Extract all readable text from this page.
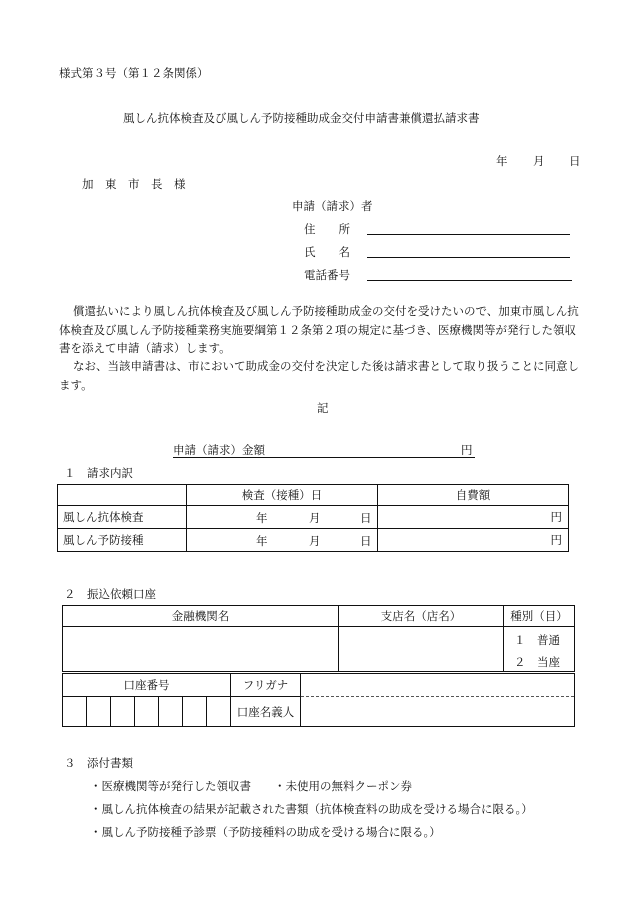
様式第３号（第１２条関係）
風しん抗体検査及び風しん予防接種助成金交付申請書兼償還払請求書
年 月 日
加　東　市　長　様
申請（請求）者
住　　所
氏　　名
電話番号
償還払いにより風しん抗体検査及び風しん予防接種助成金の交付を受けたいので、加東市風しん抗体検査及び風しん予防接種業務実施要綱第１２条第２項の規定に基づき、医療機関等が発行した領収書を添えて申請（請求）します。
なお、当該申請書は、市において助成金の交付を決定した後は請求書として取り扱うことに同意します。
記
申請（請求）金額	円
１　請求内訳
	検査（接種）日	自費額
風しん抗体検査	年 月 日	円
風しん予防接種	年 月 日	円
２　振込依頼口座
金融機関名	支店名（店名）	種別（目）

		１　普通
２　当座
口座番号							フリガナ	
							口座名義人	
３　添付書類
・医療機関等が発行した領収書　　・未使用の無料クーポン券
・風しん抗体検査の結果が記載された書類（抗体検査料の助成を受ける場合に限る。）
・風しん予防接種予診票（予防接種料の助成を受ける場合に限る。）
